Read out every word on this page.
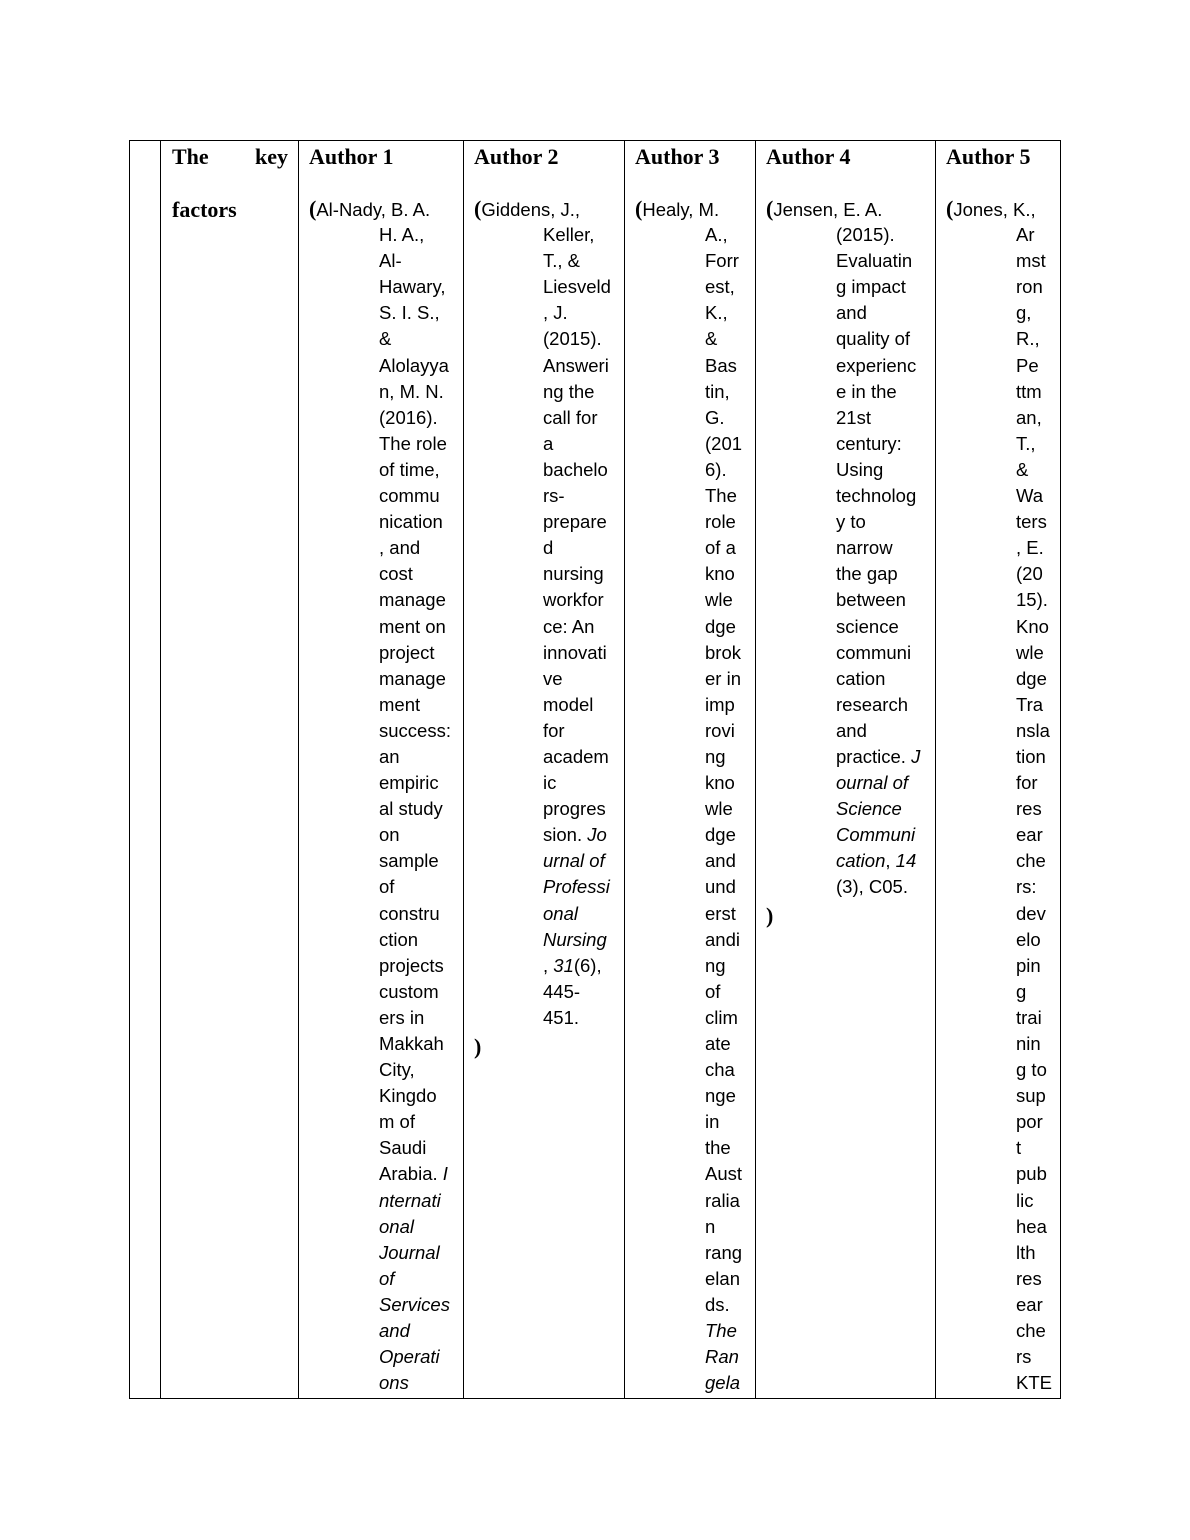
The key
factors
Author 1
(Al-Nady, B. A.
H. A.,
Al-
Hawary,
S. I. S.,
&
Alolayya
n, M. N.
(2016).
The role
of time,
commu
nication
, and
cost
manage
ment on
project
manage
ment
success:
an
empiric
al study
on
sample
of
constru
ction
projects
custom
ers in
Makkah
City,
Kingdo
m of
Saudi
Arabia. I
nternati
onal
Journal
of
Services
and
Operati
ons
Author 2
(Giddens, J.,
Keller,
T., &
Liesveld
, J.
(2015).
Answeri
ng the
call for
a
bachelo
rs-
prepare
d
nursing
workfor
ce: An
innovati
ve
model
for
academ
ic
progres
sion. Jo
urnal of
Professi
onal
Nursing
, 31(6),
445-
451.
)
Author 3
(Healy, M.
A.,
Forr
est,
K.,
&
Bas
tin,
G.
(201
6).
The
role
of a
kno
wle
dge
brok
er in
imp
rovi
ng
kno
wle
dge
and
und
erst
andi
ng
of
clim
ate
cha
nge
in
the
Aust
ralia
n
rang
elan
ds.
The
Ran
gela
Author 4
(Jensen, E. A.
(2015).
Evaluatin
g impact
and
quality of
experienc
e in the
21st
century:
Using
technolog
y to
narrow
the gap
between
science
communi
cation
research
and
practice. J
ournal of
Science
Communi
cation, 14
(3), C05.
)
Author 5
(Jones, K.,
Ar
mst
ron
g,
R.,
Pe
ttm
an,
T.,
&
Wa
ters
, E.
(20
15).
Kno
wle
dge
Tra
nsla
tion
for
res
ear
che
rs:
dev
elo
pin
g
trai
nin
g to
sup
por
t
pub
lic
hea
lth
res
ear
che
rs
KTE
